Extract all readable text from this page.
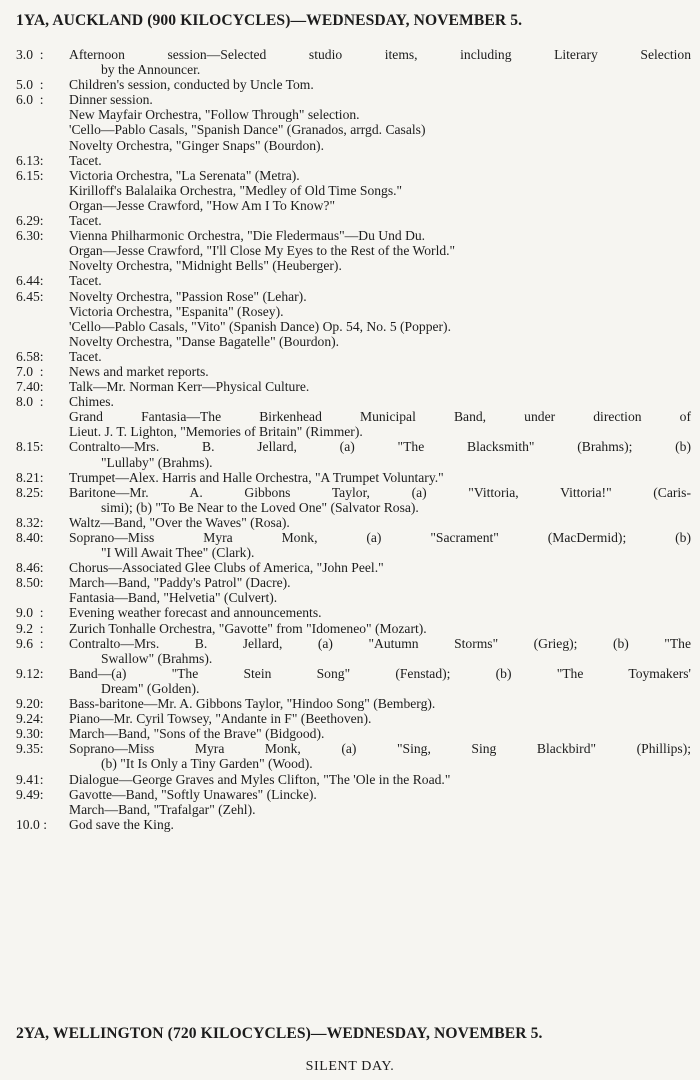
1YA, AUCKLAND (900 KILOCYCLES)—WEDNESDAY, NOVEMBER 5.
3.0  :	Afternoon session—Selected studio items, including Literary Selection
by the Announcer.
5.0  :	Children's session, conducted by Uncle Tom.
6.0  :	Dinner session.
New Mayfair Orchestra, "Follow Through" selection.
'Cello—Pablo Casals, "Spanish Dance" (Granados, arrgd. Casals)
Novelty Orchestra, "Ginger Snaps" (Bourdon).
6.13:	Tacet.
6.15:	Victoria Orchestra, "La Serenata" (Metra).
Kirilloff's Balalaika Orchestra, "Medley of Old Time Songs."
Organ—Jesse Crawford, "How Am I To Know?"
6.29:	Tacet.
6.30:	Vienna Philharmonic Orchestra, "Die Fledermaus"—Du Und Du.
Organ—Jesse Crawford, "I'll Close My Eyes to the Rest of the World."
Novelty Orchestra, "Midnight Bells" (Heuberger).
6.44:	Tacet.
6.45:	Novelty Orchestra, "Passion Rose" (Lehar).
Victoria Orchestra, "Espanita" (Rosey).
'Cello—Pablo Casals, "Vito" (Spanish Dance) Op. 54, No. 5 (Popper).
Novelty Orchestra, "Danse Bagatelle" (Bourdon).
6.58:	Tacet.
7.0  :	News and market reports.
7.40:	Talk—Mr. Norman Kerr—Physical Culture.
8.0  :	Chimes.
Grand Fantasia—The Birkenhead Municipal Band, under direction of
Lieut. J. T. Lighton, "Memories of Britain" (Rimmer).
8.15:	Contralto—Mrs. B. Jellard, (a) "The Blacksmith" (Brahms); (b)
"Lullaby" (Brahms).
8.21:	Trumpet—Alex. Harris and Halle Orchestra, "A Trumpet Voluntary."
8.25:	Baritone—Mr. A. Gibbons Taylor, (a) "Vittoria, Vittoria!" (Caris-
simi); (b) "To Be Near to the Loved One" (Salvator Rosa).
8.32:	Waltz—Band, "Over the Waves" (Rosa).
8.40:	Soprano—Miss Myra Monk, (a) "Sacrament" (MacDermid); (b)
"I Will Await Thee" (Clark).
8.46:	Chorus—Associated Glee Clubs of America, "John Peel."
8.50:	March—Band, "Paddy's Patrol" (Dacre).
Fantasia—Band, "Helvetia" (Culvert).
9.0  :	Evening weather forecast and announcements.
9.2  :	Zurich Tonhalle Orchestra, "Gavotte" from "Idomeneo" (Mozart).
9.6  :	Contralto—Mrs. B. Jellard, (a) "Autumn Storms" (Grieg); (b) "The
Swallow" (Brahms).
9.12:	Band—(a) "The Stein Song" (Fenstad); (b) "The Toymakers'
Dream" (Golden).
9.20:	Bass-baritone—Mr. A. Gibbons Taylor, "Hindoo Song" (Bemberg).
9.24:	Piano—Mr. Cyril Towsey, "Andante in F" (Beethoven).
9.30:	March—Band, "Sons of the Brave" (Bidgood).
9.35:	Soprano—Miss Myra Monk, (a) "Sing, Sing Blackbird" (Phillips);
(b) "It Is Only a Tiny Garden" (Wood).
9.41:	Dialogue—George Graves and Myles Clifton, "The 'Ole in the Road."
9.49:	Gavotte—Band, "Softly Unawares" (Lincke).
March—Band, "Trafalgar" (Zehl).
10.0 :	God save the King.
2YA, WELLINGTON (720 KILOCYCLES)—WEDNESDAY, NOVEMBER 5.
SILENT DAY.
